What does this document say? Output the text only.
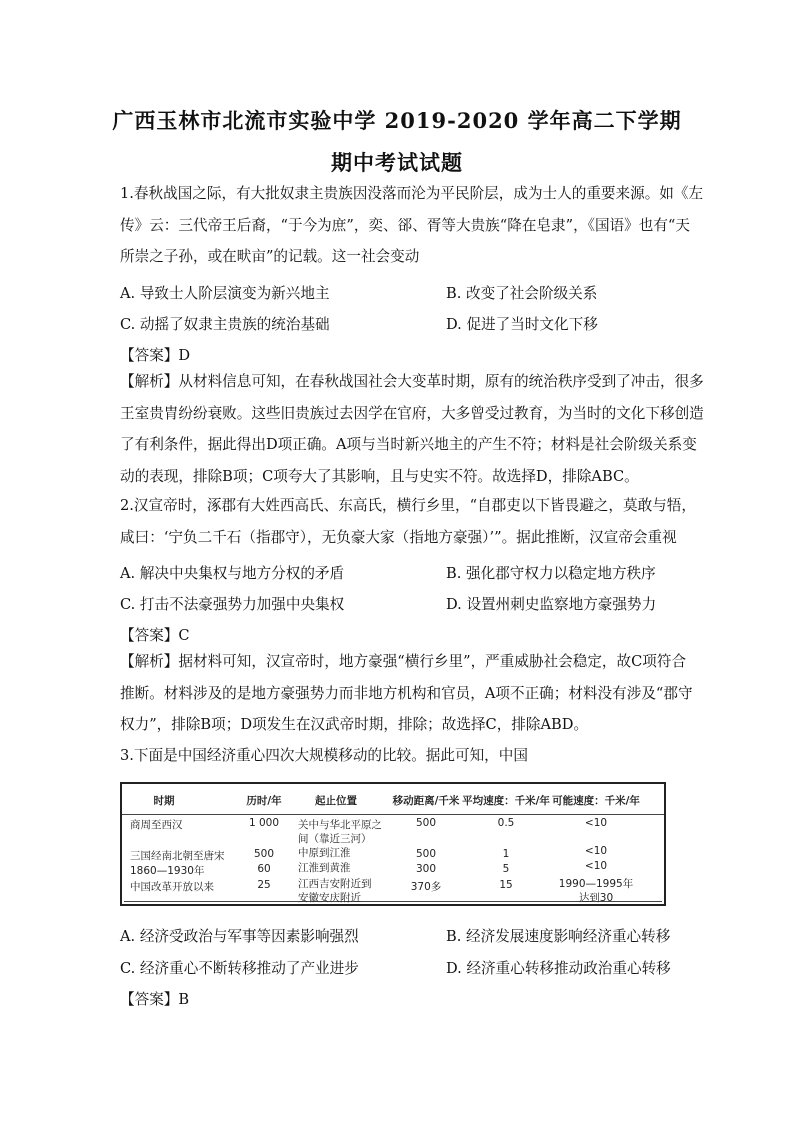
广西玉林市北流市实验中学 2019-2020 学年高二下学期
期中考试试题
1.春秋战国之际，有大批奴隶主贵族因没落而沦为平民阶层，成为士人的重要来源。如《左
传》云：三代帝王后裔，“于今为庶”，奕、郤、胥等大贵族“降在皂隶”，《国语》也有“天
所崇之子孙，或在畎亩”的记载。这一社会变动
A. 导致士人阶层演变为新兴地主	B. 改变了社会阶级关系
C. 动摇了奴隶主贵族的统治基础	D. 促进了当时文化下移
【答案】D
【解析】从材料信息可知，在春秋战国社会大变革时期，原有的统治秩序受到了冲击，很多
王室贵胄纷纷衰败。这些旧贵族过去因学在官府，大多曾受过教育，为当时的文化下移创造
了有利条件，据此得出D项正确。A项与当时新兴地主的产生不符；材料是社会阶级关系变
动的表现，排除B项；C项夸大了其影响，且与史实不符。故选择D，排除ABC。
2.汉宣帝时，涿郡有大姓西高氏、东高氏，横行乡里，“自郡吏以下皆畏避之，莫敢与牾，
咸曰：‘宁负二千石（指郡守），无负豪大家（指地方豪强）’”。据此推断，汉宣帝会重视
A. 解决中央集权与地方分权的矛盾	B. 强化郡守权力以稳定地方秩序
C. 打击不法豪强势力加强中央集权	D. 设置州刺史监察地方豪强势力
【答案】C
【解析】据材料可知，汉宣帝时，地方豪强“横行乡里”，严重威胁社会稳定，故C项符合
推断。材料涉及的是地方豪强势力而非地方机构和官员，A项不正确；材料没有涉及“郡守
权力”，排除B项；D项发生在汉武帝时期，排除；故选择C，排除ABD。
3.下面是中国经济重心四次大规模移动的比较。据此可知，中国
时期	历时/年	起止位置	移动距离/千米 平均速度：千米/年 可能速度：千米/年
商周至西汉	1 000 关中与华北平原之	500	0.5	<10
间（靠近三河）
三国经南北朝至唐宋	500 中原到江淮	500	1	<10
1860—1930年	60	江淮到黄淮	300	5	<10
中国改革开放以来	25	江西吉安附近到	370多	15	1990—1995年
安徽安庆附近	达到30
A. 经济受政治与军事等因素影响强烈	B. 经济发展速度影响经济重心转移
C. 经济重心不断转移推动了产业进步	D. 经济重心转移推动政治重心转移
【答案】B
